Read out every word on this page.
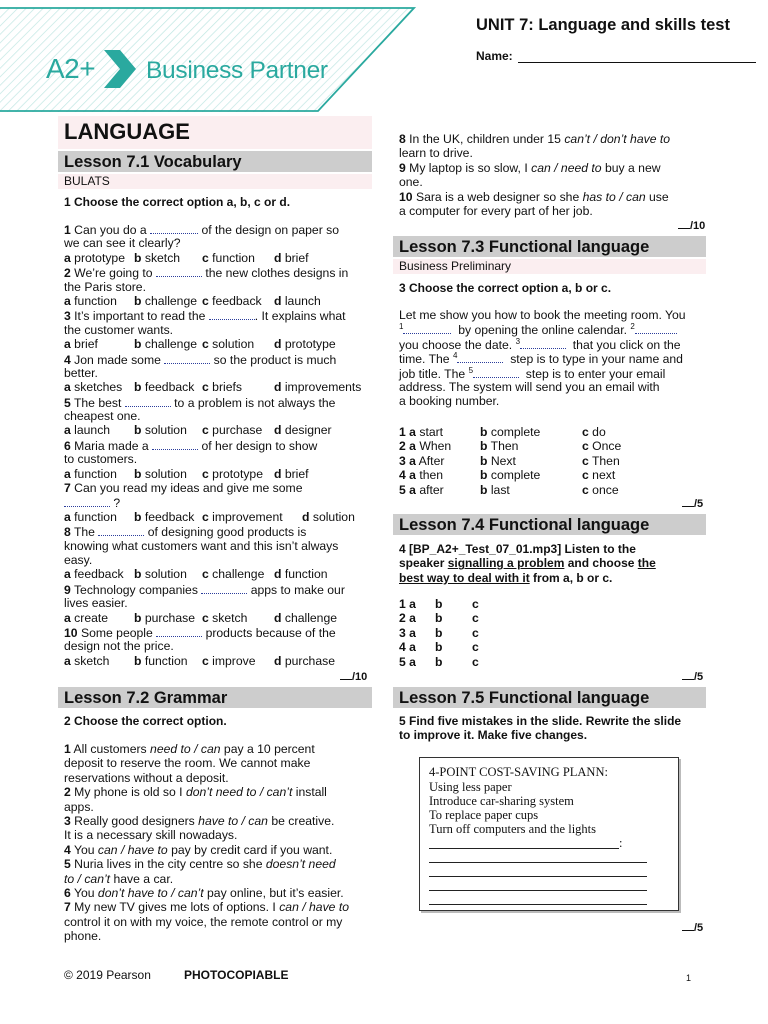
A2+ Business Partner
UNIT 7: Language and skills test
Name:
LANGUAGE
Lesson 7.1 Vocabulary
BULATS
1 Choose the correct option a, b, c or d.
1 Can you do a	of the design on paper so
we can see it clearly?
a prototype b sketch c function d brief
2 We’re going to	the new clothes designs in
the Paris store.
a function b challenge c feedback d launch
3 It’s important to read the	. It explains what
the customer wants.
a brief	b challenge c solution d prototype
4 Jon made some	so the product is much
better.
a sketches b feedback c briefs	d improvements
5 The best	to a problem is not always the
cheapest one.
a launch b solution c purchase d designer
6 Maria made a	of her design to show
to customers.
a function b solution c prototype d brief
7 Can you read my ideas and give me some
?
a function b feedback c improvement d solution
8 The	of designing good products is
knowing what customers want and this isn’t always
easy.
a feedback b solution c challenge d function
9 Technology companies	apps to make our
lives easier.
a create b purchase c sketch d challenge
10 Some people	products because of the
design not the price.
a sketch b function c improve d purchase
/10
Lesson 7.2 Grammar
2 Choose the correct option.
1 All customers need to / can pay a 10 percent
deposit to reserve the room. We cannot make
reservations without a deposit.
2 My phone is old so I don’t need to / can’t install
apps.
3 Really good designers have to / can be creative.
It is a necessary skill nowadays.
4 You can / have to pay by credit card if you want.
5 Nuria lives in the city centre so she doesn’t need
to / can’t have a car.
6 You don’t have to / can’t pay online, but it’s easier.
7 My new TV gives me lots of options. I can / have to
control it on with my voice, the remote control or my
phone.
8 In the UK, children under 15 can’t / don’t have to
learn to drive.
9 My laptop is so slow, I can / need to buy a new
one.
10 Sara is a web designer so she has to / can use
a computer for every part of her job.
/10
Lesson 7.3 Functional language
Business Preliminary
3 Choose the correct option a, b or c.
Let me show you how to book the meeting room. You
$^1$	by opening the online calendar. $^2$
you choose the date. $^3$	that you click on the
time. The $^4$	step is to type in your name and
job title. The $^5$	step is to enter your email
address. The system will send you an email with
a booking number.
1 a start	b complete	c do
2 a When b Then	c Once
3 a After	b Next	c Then
4 a then	b complete	c next
5 a after	b last	c once
/5
Lesson 7.4 Functional language
4 [BP_A2+_Test_07_01.mp3] Listen to the
speaker signalling a problem and choose the
best way to deal with it from a, b or c.
1 a b c
2 a b c
3 a b c
4 a b c
5 a b c
/5
Lesson 7.5 Functional language
5 Find five mistakes in the slide. Rewrite the slide
to improve it. Make five changes.
4-POINT COST-SAVING PLANN:
Using less paper
Introduce car-sharing system
To replace paper cups
Turn off computers and the lights
:
/5
© 2019 Pearson	PHOTOCOPIABLE	1
